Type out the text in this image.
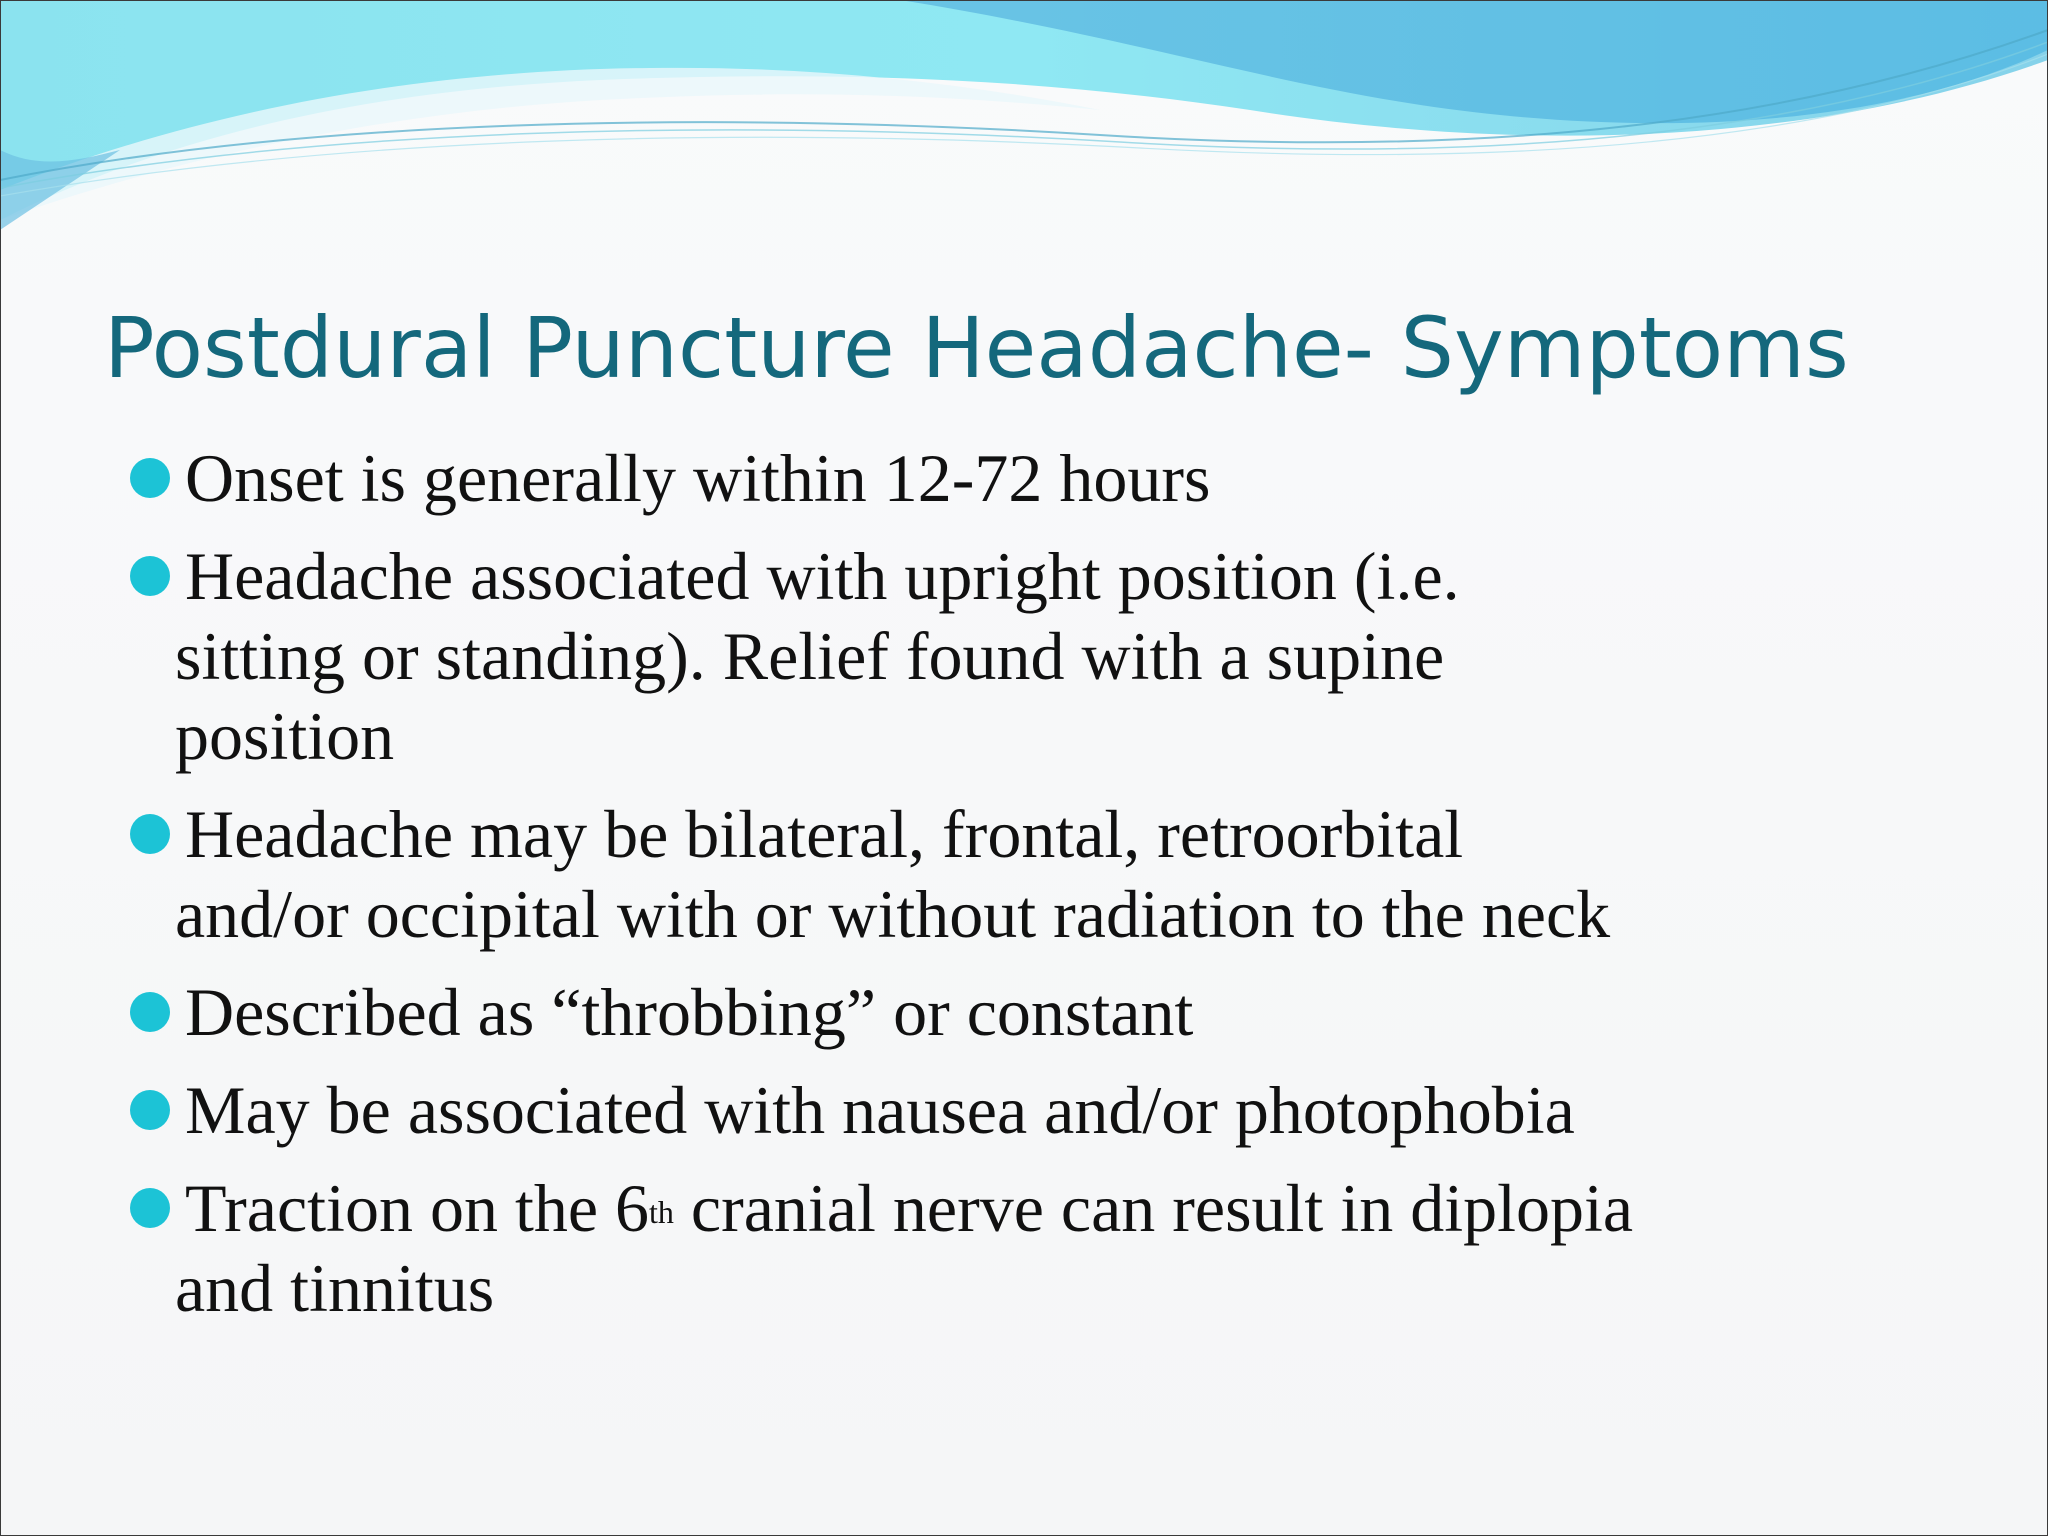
Postdural Puncture Headache- Symptoms
Onset is generally within 12-72 hours
Headache associated with upright position (i.e.
sitting or standing). Relief found with a supine
position
Headache may be bilateral, frontal, retroorbital
and/or occipital with or without radiation to the neck
Described as “throbbing” or constant
May be associated with nausea and/or photophobia
Traction on the 6th cranial nerve can result in diplopia
and tinnitus
